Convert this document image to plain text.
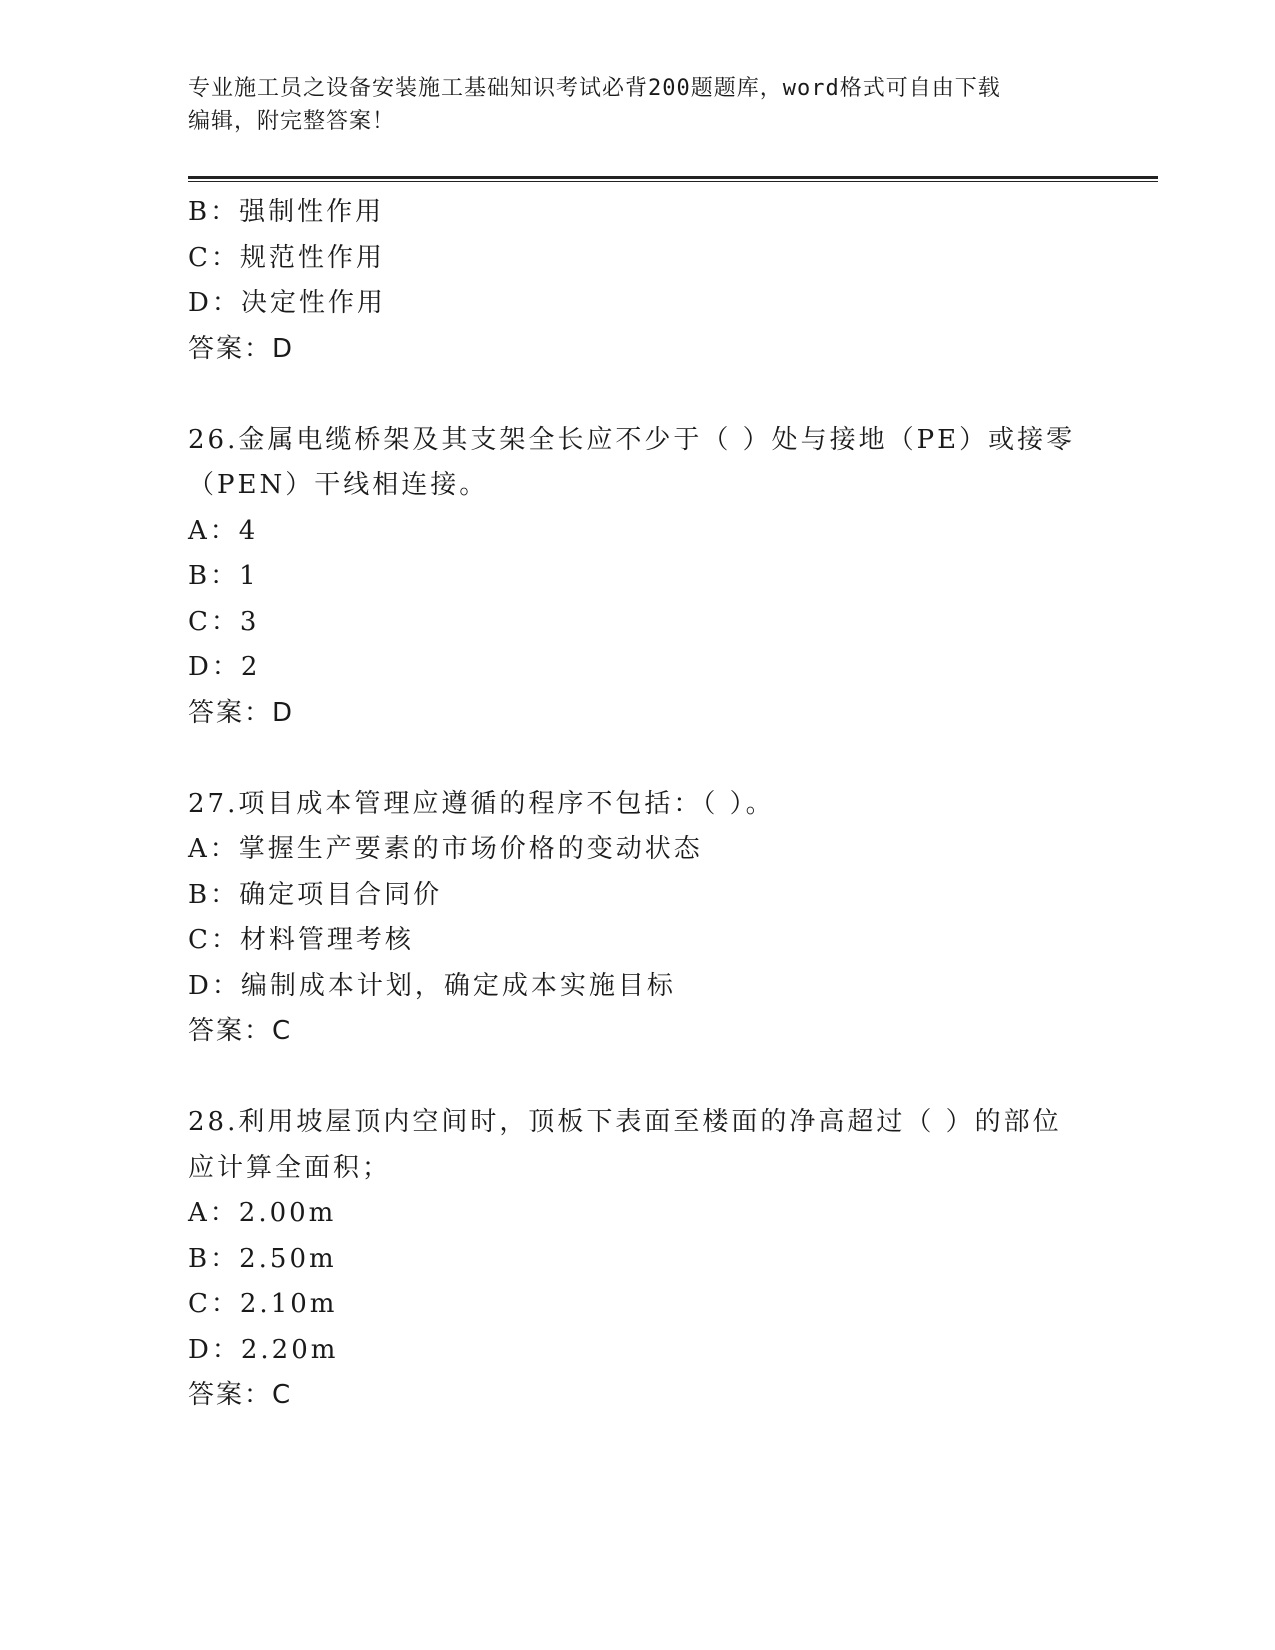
专业施工员之设备安装施工基础知识考试必背200题题库，word格式可自由下载
编辑，附完整答案！
B：强制性作用
C：规范性作用
D：决定性作用
答案：D
26.金属电缆桥架及其支架全长应不少于（ ）处与接地（PE）或接零
（PEN）干线相连接。
A：4
B：1
C：3
D：2
答案：D
27.项目成本管理应遵循的程序不包括：（ ）。
A：掌握生产要素的市场价格的变动状态
B：确定项目合同价
C：材料管理考核
D：编制成本计划，确定成本实施目标
答案：C
28.利用坡屋顶内空间时，顶板下表面至楼面的净高超过（ ）的部位
应计算全面积；
A：2.00m
B：2.50m
C：2.10m
D：2.20m
答案：C
